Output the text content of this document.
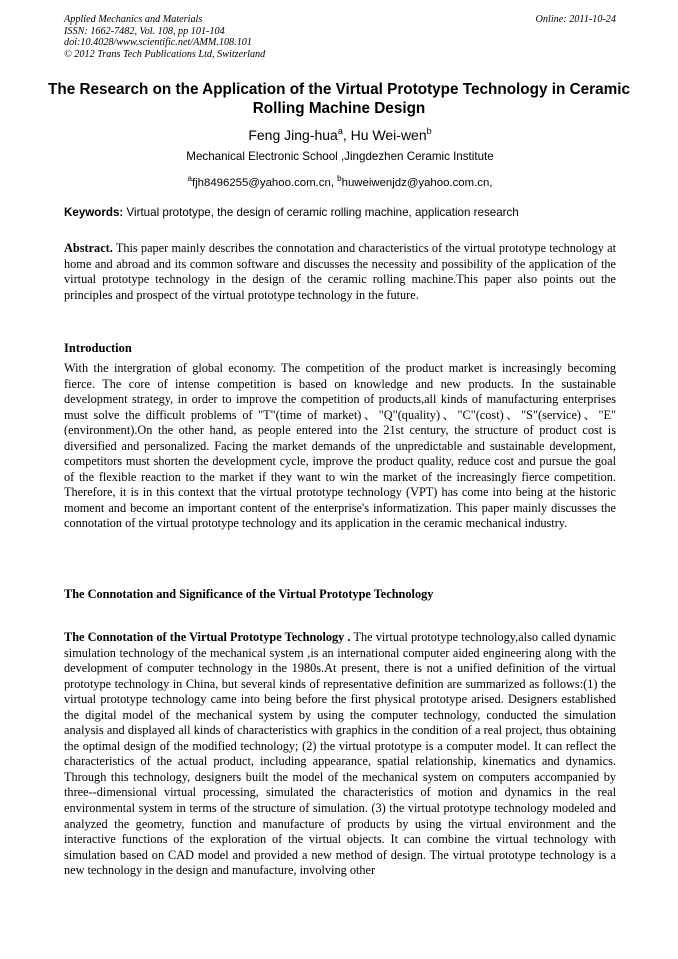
Applied Mechanics and Materials	Online: 2011-10-24
ISSN: 1662-7482, Vol. 108, pp 101-104
doi:10.4028/www.scientific.net/AMM.108.101
© 2012 Trans Tech Publications Ltd, Switzerland
The Research on the Application of the Virtual Prototype Technology in Ceramic Rolling Machine Design
Feng Jing-hua$^a$, Hu Wei-wen$^b$
Mechanical Electronic School ,Jingdezhen Ceramic Institute
$^a$fjh8496255@yahoo.com.cn, $^b$huweiwenjdz@yahoo.com.cn,
Keywords: Virtual prototype, the design of ceramic rolling machine, application research
Abstract. This paper mainly describes the connotation and characteristics of the virtual prototype technology at home and abroad and its common software and discusses the necessity and possibility of the application of the virtual prototype technology in the design of the ceramic rolling machine.This paper also points out the principles and prospect of the virtual prototype technology in the future.
Introduction
With the intergration of global economy. The competition of the product market is increasingly becoming fierce. The core of intense competition is based on knowledge and new products. In the sustainable development strategy, in order to improve the competition of products,all kinds of manufacturing enterprises must solve the difficult problems of "T"(time of market)、"Q"(quality)、"C"(cost)、"S"(service)、"E"(environment).On the other hand, as people entered into the 21st century, the structure of product cost is diversified and personalized. Facing the market demands of the unpredictable and sustainable development, competitors must shorten the development cycle, improve the product quality, reduce cost and pursue the goal of the flexible reaction to the market if they want to win the market of the increasingly fierce competition. Therefore, it is in this context that the virtual prototype technology (VPT) has come into being at the historic moment and become an important content of the enterprise's informatization. This paper mainly discusses the connotation of the virtual prototype technology and its application in the ceramic mechanical industry.
The Connotation and Significance of the Virtual Prototype Technology
The Connotation of the Virtual Prototype Technology . The virtual prototype technology,also called dynamic simulation technology of the mechanical system ,is an international computer aided engineering along with the development of computer technology in the 1980s.At present, there is not a unified definition of the virtual prototype technology in China, but several kinds of representative definition are summarized as follows:(1) the virtual prototype technology came into being before the first physical prototype arised. Designers established the digital model of the mechanical system by using the computer technology, conducted the simulation analysis and displayed all kinds of characteristics with graphics in the condition of a real project, thus obtaining the optimal design of the modified technology; (2) the virtual prototype is a computer model. It can reflect the characteristics of the actual product, including appearance, spatial relationship, kinematics and dynamics. Through this technology, designers built the model of the mechanical system on computers accompanied by three--dimensional virtual processing, simulated the characteristics of motion and dynamics in the real environmental system in terms of the structure of simulation. (3) the virtual prototype technology modeled and analyzed the geometry, function and manufacture of products by using the virtual environment and the interactive functions of the exploration of the virtual objects. It can combine the virtual technology with simulation based on CAD model and provided a new method of design. The virtual prototype technology is a new technology in the design and manufacture, involving other
